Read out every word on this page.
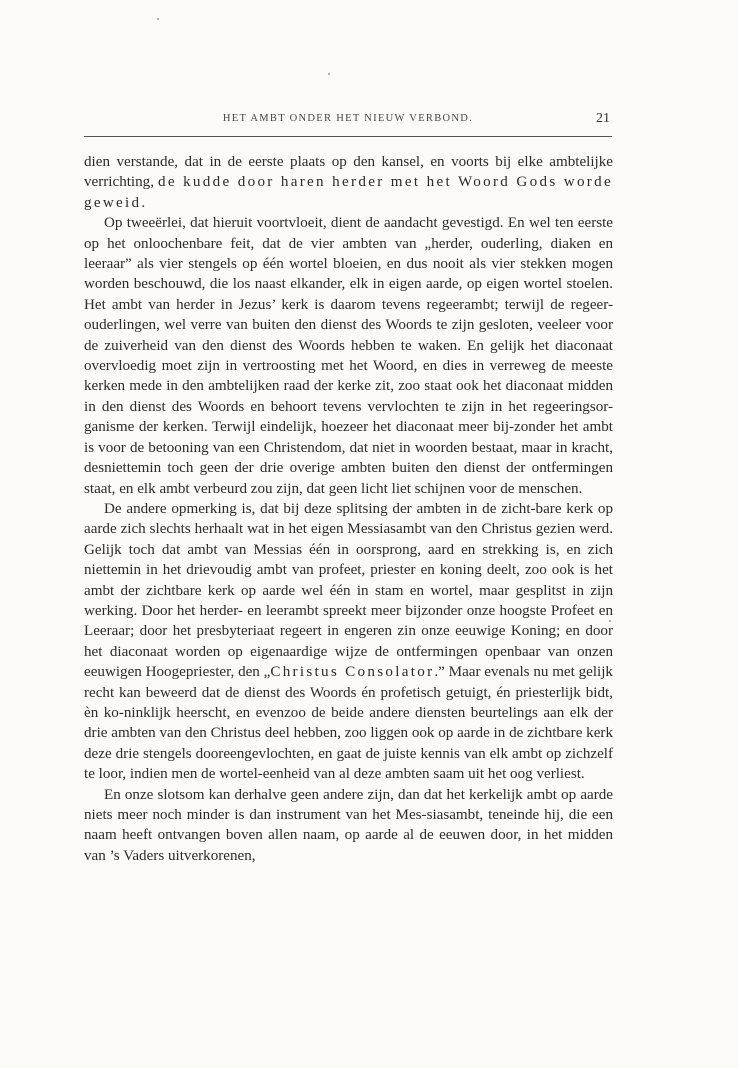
HET AMBT ONDER HET NIEUW VERBOND.	21

dien verstande, dat in de eerste plaats op den kansel, en voorts bij elke ambtelijke verrichting, de kudde door haren herder met het Woord Gods worde geweid.

Op tweeërlei, dat hieruit voortvloeit, dient de aandacht gevestigd. En wel ten eerste op het onloochenbare feit, dat de vier ambten van „herder, ouderling, diaken en leeraar” als vier stengels op één wortel bloeien, en dus nooit als vier stekken mogen worden beschouwd, die los naast elkander, elk in eigen aarde, op eigen wortel stoelen. Het ambt van herder in Jezus’ kerk is daarom tevens regeerambt; terwijl de regeer-ouderlingen, wel verre van buiten den dienst des Woords te zijn gesloten, veeleer voor de zuiverheid van den dienst des Woords hebben te waken. En gelijk het diaconaat overvloedig moet zijn in vertroosting met het Woord, en dies in verreweg de meeste kerken mede in den ambtelijken raad der kerke zit, zoo staat ook het diaconaat midden in den dienst des Woords en behoort tevens vervlochten te zijn in het regeeringsor-ganisme der kerken. Terwijl eindelijk, hoezeer het diaconaat meer bij-zonder het ambt is voor de betooning van een Christendom, dat niet in woorden bestaat, maar in kracht, desniettemin toch geen der drie overige ambten buiten den dienst der ontfermingen staat, en elk ambt verbeurd zou zijn, dat geen licht liet schijnen voor de menschen.

De andere opmerking is, dat bij deze splitsing der ambten in de zicht-bare kerk op aarde zich slechts herhaalt wat in het eigen Messiasambt van den Christus gezien werd. Gelijk toch dat ambt van Messias één in oorsprong, aard en strekking is, en zich niettemin in het drievoudig ambt van profeet, priester en koning deelt, zoo ook is het ambt der zichtbare kerk op aarde wel één in stam en wortel, maar gesplitst in zijn werking. Door het herder- en leerambt spreekt meer bijzonder onze hoogste Profeet en Leeraar; door het presbyteriaat regeert in engeren zin onze eeuwige Koning; en door het diaconaat worden op eigenaardige wijze de ontfermingen openbaar van onzen eeuwigen Hoogepriester, den „Christus Consolator.” Maar evenals nu met gelijk recht kan beweerd dat de dienst des Woords én profetisch getuigt, én priesterlijk bidt, èn ko-ninklijk heerscht, en evenzoo de beide andere diensten beurtelings aan elk der drie ambten van den Christus deel hebben, zoo liggen ook op aarde in de zichtbare kerk deze drie stengels dooreengevlochten, en gaat de juiste kennis van elk ambt op zichzelf te loor, indien men de wortel-eenheid van al deze ambten saam uit het oog verliest.

En onze slotsom kan derhalve geen andere zijn, dan dat het kerkelijk ambt op aarde niets meer noch minder is dan instrument van het Mes-siasambt, teneinde hij, die een naam heeft ontvangen boven allen naam, op aarde al de eeuwen door, in het midden van ’s Vaders uitverkorenen,
